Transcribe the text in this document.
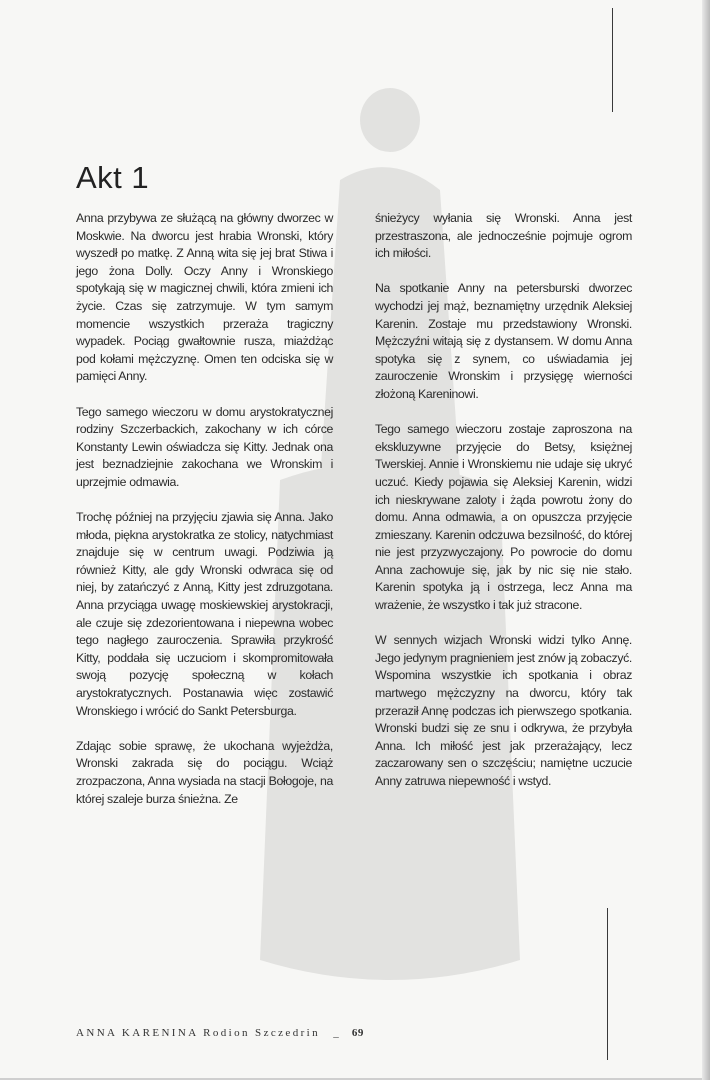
Akt 1

Anna przybywa ze służącą na główny dworzec w Moskwie. Na dworcu jest hrabia Wronski, który wyszedł po matkę. Z Anną wita się jej brat Stiwa i jego żona Dolly. Oczy Anny i Wronskiego spotykają się w magicznej chwili, która zmieni ich życie. Czas się zatrzymuje. W tym samym momencie wszystkich przeraża tragiczny wypadek. Pociąg gwałtownie rusza, miażdżąc pod kołami mężczyznę. Omen ten odciska się w pamięci Anny.

Tego samego wieczoru w domu arystokratycznej rodziny Szczerbackich, zakochany w ich córce Konstanty Lewin oświadcza się Kitty. Jednak ona jest beznadziejnie zakochana we Wronskim i uprzejmie odmawia.

Trochę później na przyjęciu zjawia się Anna. Jako młoda, piękna arystokratka ze stolicy, natychmiast znajduje się w centrum uwagi. Podziwia ją również Kitty, ale gdy Wronski odwraca się od niej, by zatańczyć z Anną, Kitty jest zdruzgotana. Anna przyciąga uwagę moskiewskiej arystokracji, ale czuje się zdezorientowana i niepewna wobec tego nagłego zauroczenia. Sprawiła przykrość Kitty, poddała się uczuciom i skompromitowała swoją pozycję społeczną w kołach arystokratycznych. Postanawia więc zostawić Wronskiego i wrócić do Sankt Petersburga.

Zdając sobie sprawę, że ukochana wyjeżdża, Wronski zakrada się do pociągu. Wciąż zrozpaczona, Anna wysiada na stacji Bołogoje, na której szaleje burza śnieżna. Ze

śnieżycy wyłania się Wronski. Anna jest przestraszona, ale jednocześnie pojmuje ogrom ich miłości.

Na spotkanie Anny na petersburski dworzec wychodzi jej mąż, beznamiętny urzędnik Aleksiej Karenin. Zostaje mu przedstawiony Wronski. Mężczyźni witają się z dystansem. W domu Anna spotyka się z synem, co uświadamia jej zauroczenie Wronskim i przysięgę wierności złożoną Kareninowi.

Tego samego wieczoru zostaje zaproszona na ekskluzywne przyjęcie do Betsy, księżnej Twerskiej. Annie i Wronskiemu nie udaje się ukryć uczuć. Kiedy pojawia się Aleksiej Karenin, widzi ich nieskrywane zaloty i żąda powrotu żony do domu. Anna odmawia, a on opuszcza przyjęcie zmieszany. Karenin odczuwa bezsilność, do której nie jest przyzwyczajony. Po powrocie do domu Anna zachowuje się, jak by nic się nie stało. Karenin spotyka ją i ostrzega, lecz Anna ma wrażenie, że wszystko i tak już stracone.

W sennych wizjach Wronski widzi tylko Annę. Jego jedynym pragnieniem jest znów ją zobaczyć. Wspomina wszystkie ich spotkania i obraz martwego mężczyzny na dworcu, który tak przeraził Annę podczas ich pierwszego spotkania. Wronski budzi się ze snu i odkrywa, że przybyła Anna. Ich miłość jest jak przerażający, lecz zaczarowany sen o szczęściu; namiętne uczucie Anny zatruwa niepewność i wstyd.

ANNA KARENINA Rodion Szczedrin _ 69
